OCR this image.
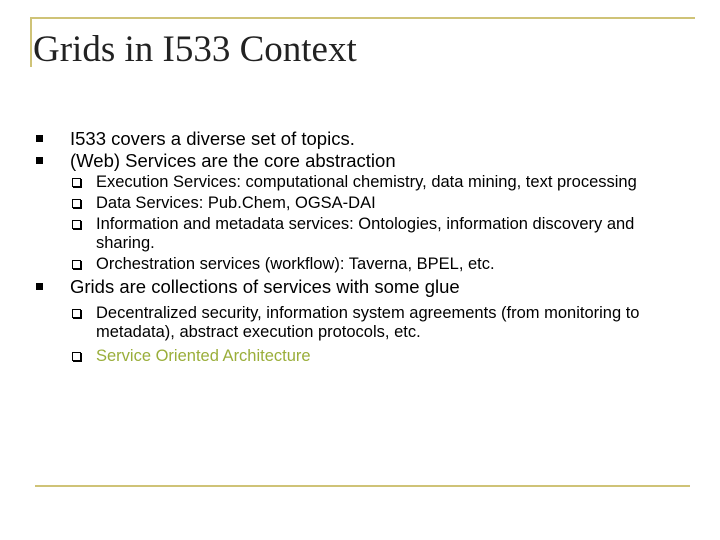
Grids in I533 Context

I533 covers a diverse set of topics.

(Web) Services are the core abstraction

Execution Services: computational chemistry, data mining, text processing

Data Services: Pub.Chem, OGSA-DAI

Information and metadata services: Ontologies, information discovery and sharing.

Orchestration services (workflow): Taverna, BPEL, etc.

Grids are collections of services with some glue

Decentralized security, information system agreements (from monitoring to metadata), abstract execution protocols, etc.

Service Oriented Architecture
